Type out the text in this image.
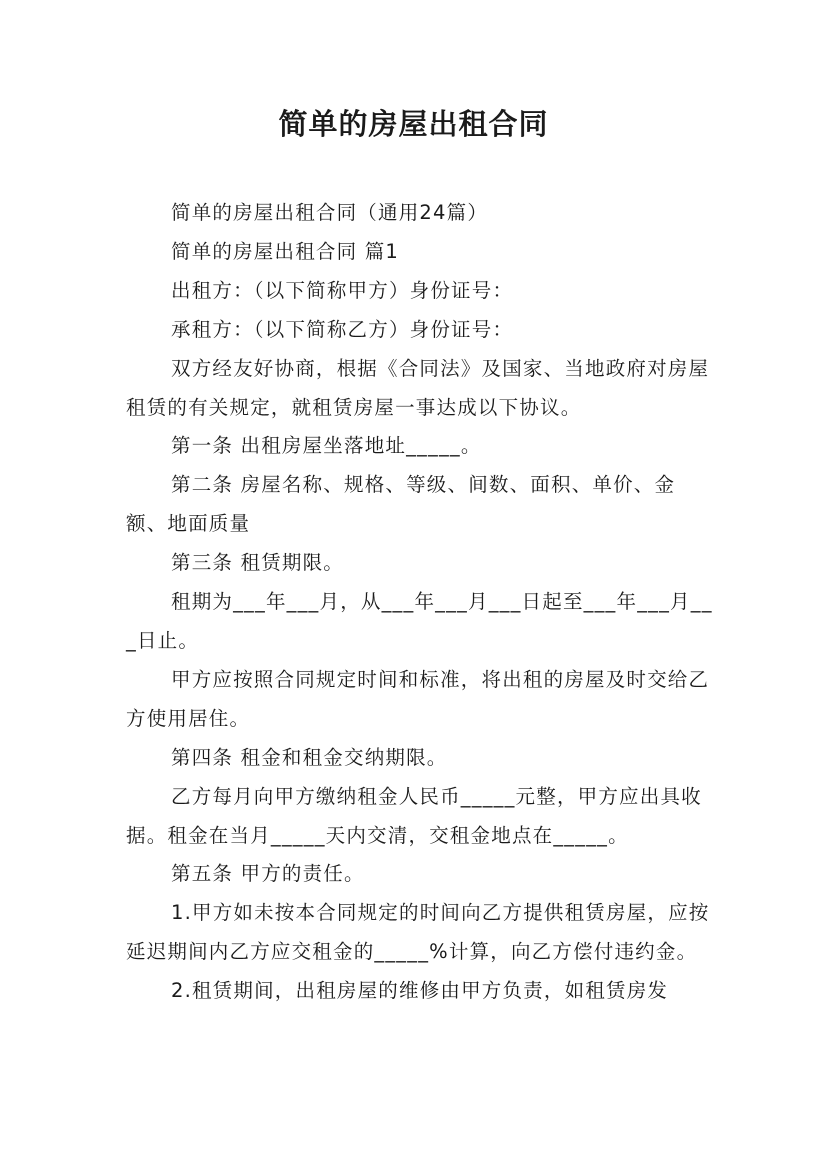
简单的房屋出租合同

简单的房屋出租合同（通用24篇）

简单的房屋出租合同 篇1

出租方：（以下简称甲方）身份证号：

承租方：（以下简称乙方）身份证号：

双方经友好协商，根据《合同法》及国家、当地政府对房屋租赁的有关规定，就租赁房屋一事达成以下协议。

第一条 出租房屋坐落地址_____。

第二条 房屋名称、规格、等级、间数、面积、单价、金额、地面质量

第三条 租赁期限。

租期为___年___月，从___年___月___日起至___年___月___日止。

甲方应按照合同规定时间和标准，将出租的房屋及时交给乙方使用居住。

第四条 租金和租金交纳期限。

乙方每月向甲方缴纳租金人民币_____元整，甲方应出具收据。租金在当月_____天内交清，交租金地点在_____。

第五条 甲方的责任。

1.甲方如未按本合同规定的时间向乙方提供租赁房屋，应按延迟期间内乙方应交租金的_____%计算，向乙方偿付违约金。

2.租赁期间，出租房屋的维修由甲方负责，如租赁房发
